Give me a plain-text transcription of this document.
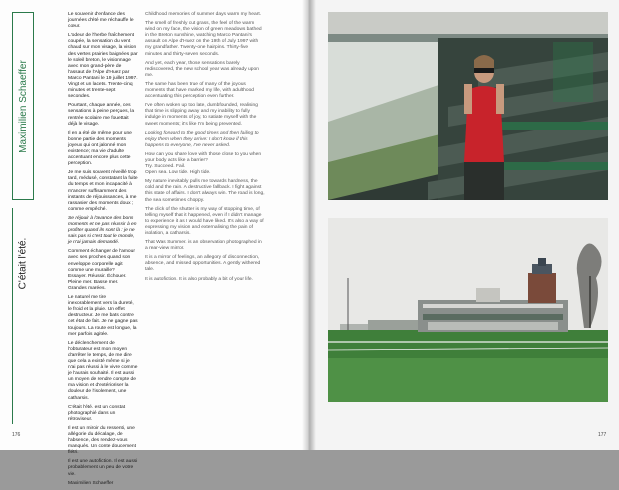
Maximilien Schaeffer
C'était l'été.

Le souvenir d'enfance des journées d'été me réchauffe le cœur.

L'odeur de l'herbe fraîchement coupée, la sensation du vent chaud sur mon visage, la vision des vertes prairies baignées par le soleil breton, le visionnage avec mon grand-père de l'assaut de l'Alpe d'Huez par Marco Pantani le 19 juillet 1997. Vingt et un lacets. Trente-cinq minutes et trente-sept secondes.

Pourtant, chaque année, ces sensations à peine perçues, la rentrée scolaire me fouettait déjà le visage.

Il en a été de même pour une bonne partie des moments joyeux qui ont jalonné mon existence; ma vie d'adulte accentuant encore plus cette perception.

Je me suis souvent réveillé trop tard, médusé, constatant la fuite du temps et mon incapacité à m'ancrer suffisamment des instants de réjouissances, à me rassasier des moments doux ; comme empêché.

Se réjouir à l'avance des bons moments et ne pas réussir à en profiter quand ils sont là : je ne sais pas si c'est tout le monde, je n'ai jamais demandé.

Comment échanger de l'amour avec ses proches quand son enveloppe corporelle agit comme une muraille?

Essayer. Réussir. Échouer.

Pleine mer. Basse mer. Grandes marées.

Le naturel me tire inexorablement vers la dureté, le froid et la pluie. Un effet destructeur. Je me bats contre cet état de fait. Je ne gagne pas toujours. La route est longue, la mer parfois agitée.

Le déclenchement de l'obturateur est mon moyen d'arrêter le temps, de me dire que cela a existé même si je n'ai pas réussi à le vivre comme je l'aurais souhaité. Il est aussi un moyen de rendre compte de ma vision et d'extérioriser la douleur de l'isolement, une catharsis.

C'était l'été. est un constat photographié dans un rétroviseur.

Il est un miroir du ressenti, une allégorie du décalage, de l'absence, des rendez-vous manqués. Un conte doucement flétri.

Il est une autofiction. Il est aussi probablement un peu de votre vie.

Maximilien Schaeffer

Childhood memories of summer days warm my heart.

The smell of freshly cut grass, the feel of the warm wind on my face, the vision of green meadows bathed in the Breton sunshine, watching Marco Pantani's assault on Alpe d'Huez on the 19th of July 1997 with my grandfather. Twenty-one hairpins. Thirty-five minutes and thirty-seven seconds.

And yet, each year, those sensations barely rediscovered, the new school year was already upon me.

The same has been true of many of the joyous moments that have marked my life, with adulthood accentuating this perception even further.

I've often woken up too late, dumbfounded, realising that time is slipping away and my inability to fully indulge in moments of joy, to satiate myself with the sweet moments; it's like I'm being prevented.

Looking forward to the good times and then failing to enjoy them when they arrive: I don't know if this happens to everyone, I've never asked.

How can you share love with those close to you when your body acts like a barrier?

Try. Succeed. Fail.

Open sea. Low tide. High tide.

My nature inevitably pulls me towards hardness, the cold and the rain. A destructive fallback. I fight against this state of affairs. I don't always win. The road is long, the sea sometimes choppy.

The click of the shutter is my way of stopping time, of telling myself that it happened, even if I didn't manage to experience it as I would have liked. It's also a way of expressing my vision and externalising the pain of isolation, a catharsis.

That Was Summer. is an observation photographed in a rear-view mirror.

It is a mirror of feelings, an allegory of disconnection, absence, and missed opportunities. A gently withered tale.

It is autofiction. It is also probably a bit of your life.

176	177
